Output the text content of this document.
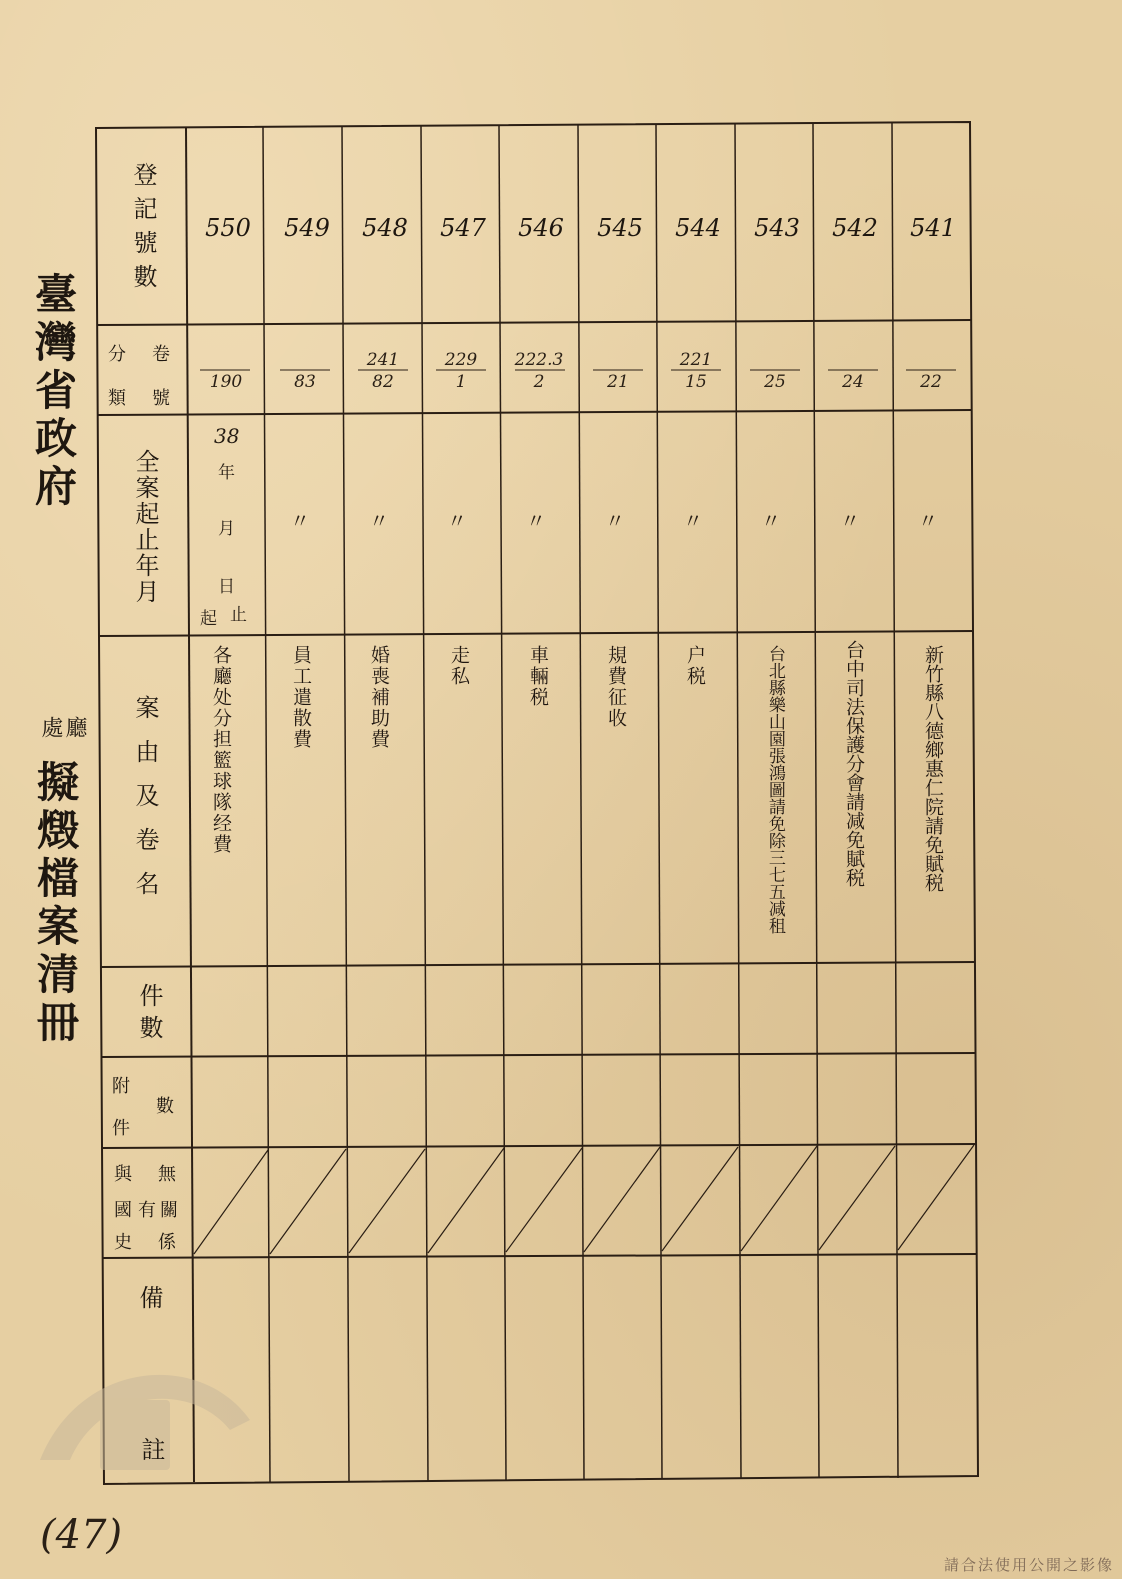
臺灣省政府
廳
處
擬燬檔案清冊
登記號數
分
類
卷
號
全案起止年月
案由及卷名
件數
附
件
數
與
國
史
無
有 關
係
備
註
550
190
38
年
月
日
起 止
各廳处分担籃球隊经費
549
83
〃
員工遣散費
548
241
82
〃
婚喪補助費
547
229
1
〃
走私
546
222.3
2
〃
車輛税
545
21
〃
規費征收
544
221
15
〃
户税
543
25
〃
台北縣樂山園張鴻圖請免除三七五减租
542
24
〃
台中司法保護分會請减免賦税
541
22
〃
新竹縣八德鄉惠仁院請免賦税
(47)
請合法使用公開之影像
